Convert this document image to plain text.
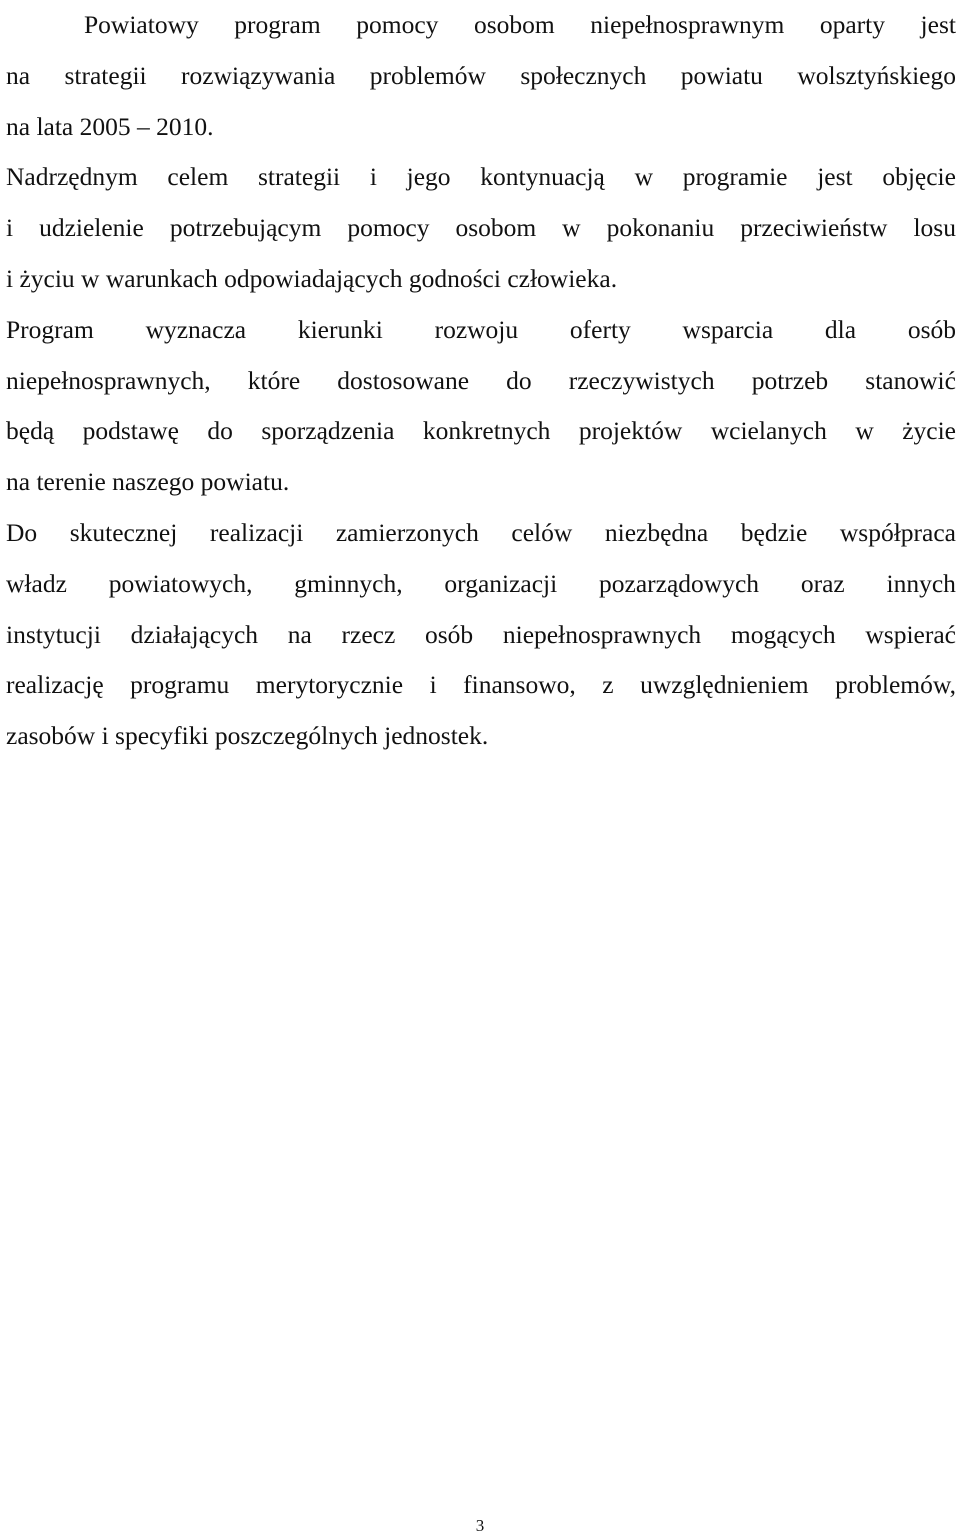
Powiatowy program pomocy osobom niepełnosprawnym oparty jest
na strategii rozwiązywania problemów społecznych powiatu wolsztyńskiego
na lata 2005 – 2010.
Nadrzędnym celem strategii i jego kontynuacją w programie jest objęcie
i udzielenie potrzebującym pomocy osobom w pokonaniu przeciwieństw losu
i życiu w warunkach odpowiadających godności człowieka.
Program wyznacza kierunki rozwoju oferty wsparcia dla osób
niepełnosprawnych, które dostosowane do rzeczywistych potrzeb stanowić
będą podstawę do sporządzenia konkretnych projektów wcielanych w życie
na terenie naszego powiatu.
Do skutecznej realizacji zamierzonych celów niezbędna będzie współpraca
władz powiatowych, gminnych, organizacji pozarządowych oraz innych
instytucji działających na rzecz osób niepełnosprawnych mogących wspierać
realizację programu merytorycznie i finansowo, z uwzględnieniem problemów,
zasobów i specyfiki poszczególnych jednostek.
3
